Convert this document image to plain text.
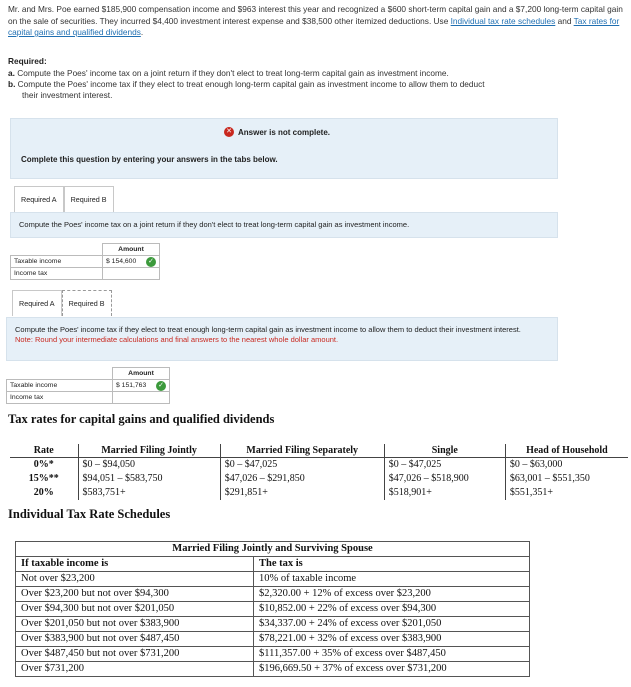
Mr. and Mrs. Poe earned $185,900 compensation income and $963 interest this year and recognized a $600 short-term capital gain and a $7,200 long-term capital gain on the sale of securities. They incurred $4,400 investment interest expense and $38,500 other itemized deductions. Use Individual tax rate schedules and Tax rates for capital gains and qualified dividends.
Required:
a. Compute the Poes' income tax on a joint return if they don't elect to treat long-term capital gain as investment income.
b. Compute the Poes' income tax if they elect to treat enough long-term capital gain as investment income to allow them to deduct
their investment interest.
✕ Answer is not complete.
Complete this question by entering your answers in the tabs below.
Required A	Required B
Compute the Poes' income tax on a joint return if they don't elect to treat long-term capital gain as investment income.
	Amount
Taxable income	$ 154,600 ✓

Income tax	
Required A	Required B
Compute the Poes' income tax if they elect to treat enough long-term capital gain as investment income to allow them to deduct their investment interest.
Note: Round your intermediate calculations and final answers to the nearest whole dollar amount.
	Amount
Taxable income	$ 151,763 ✓

Income tax	
Tax rates for capital gains and qualified dividends
Rate	Married Filing Jointly	Married Filing Separately	Single	Head of Household
0%*	$0 – $94,050	$0 – $47,025	$0 – $47,025	$0 – $63,000
15%**	$94,051 – $583,750	$47,026 – $291,850	$47,026 – $518,900	$63,001 – $551,350
20%	$583,751+	$291,851+	$518,901+	$551,351+
Individual Tax Rate Schedules
Married Filing Jointly and Surviving Spouse	
If taxable income is	The tax is
Not over $23,200	10% of taxable income
Over $23,200 but not over $94,300	$2,320.00 + 12% of excess over $23,200
Over $94,300 but not over $201,050	$10,852.00 + 22% of excess over $94,300
Over $201,050 but not over $383,900	$34,337.00 + 24% of excess over $201,050
Over $383,900 but not over $487,450	$78,221.00 + 32% of excess over $383,900
Over $487,450 but not over $731,200	$111,357.00 + 35% of excess over $487,450
Over $731,200	$196,669.50 + 37% of excess over $731,200
